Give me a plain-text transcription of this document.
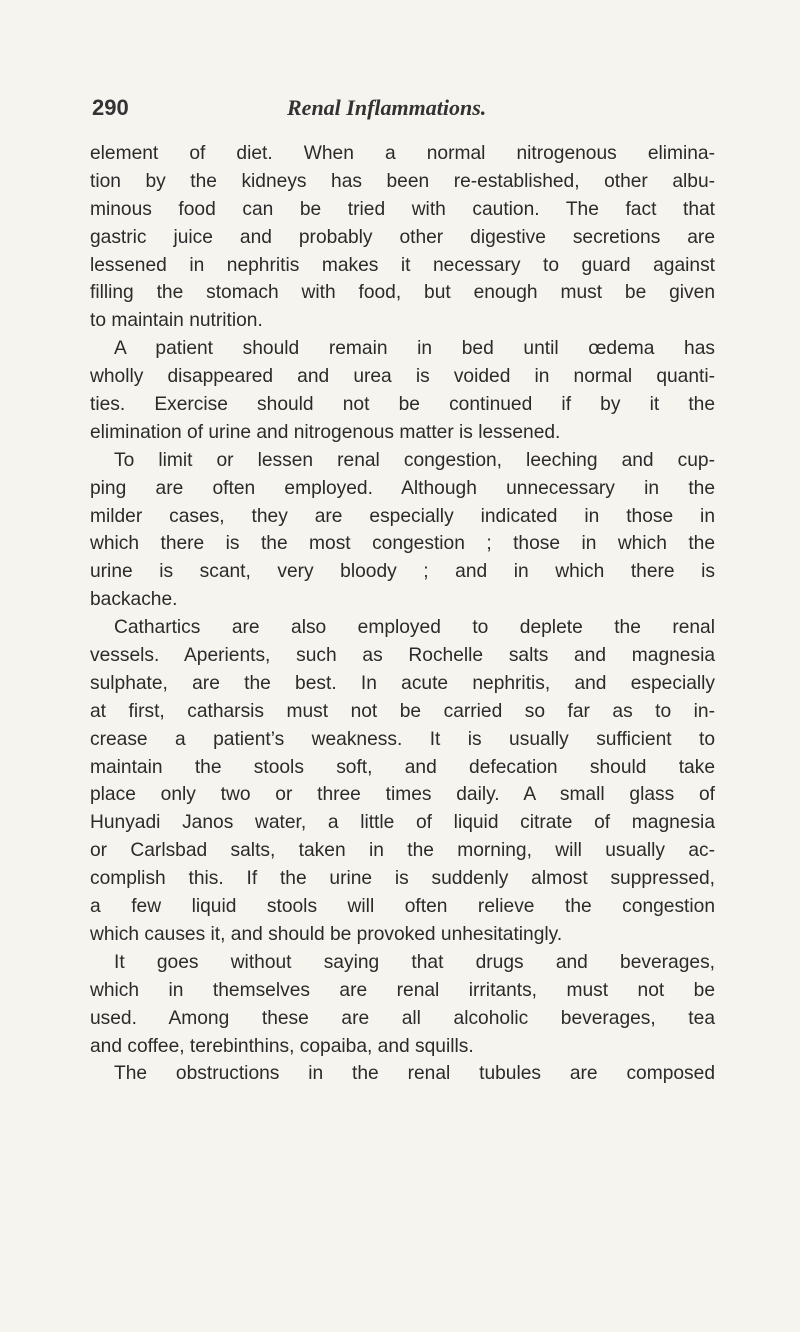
290	Renal Inflammations.
element of diet. When a normal nitrogenous elimina-
tion by the kidneys has been re-established, other albu-
minous food can be tried with caution. The fact that
gastric juice and probably other digestive secretions are
lessened in nephritis makes it necessary to guard against
filling the stomach with food, but enough must be given
to maintain nutrition.
A patient should remain in bed until œdema has
wholly disappeared and urea is voided in normal quanti-
ties. Exercise should not be continued if by it the
elimination of urine and nitrogenous matter is lessened.
To limit or lessen renal congestion, leeching and cup-
ping are often employed. Although unnecessary in the
milder cases, they are especially indicated in those in
which there is the most congestion ; those in which the
urine is scant, very bloody ; and in which there is
backache.
Cathartics are also employed to deplete the renal
vessels. Aperients, such as Rochelle salts and magnesia
sulphate, are the best. In acute nephritis, and especially
at first, catharsis must not be carried so far as to in-
crease a patient’s weakness. It is usually sufficient to
maintain the stools soft, and defecation should take
place only two or three times daily. A small glass of
Hunyadi Janos water, a little of liquid citrate of magnesia
or Carlsbad salts, taken in the morning, will usually ac-
complish this. If the urine is suddenly almost suppressed,
a few liquid stools will often relieve the congestion
which causes it, and should be provoked unhesitatingly.
It goes without saying that drugs and beverages,
which in themselves are renal irritants, must not be
used. Among these are all alcoholic beverages, tea
and coffee, terebinthins, copaiba, and squills.
The obstructions in the renal tubules are composed
